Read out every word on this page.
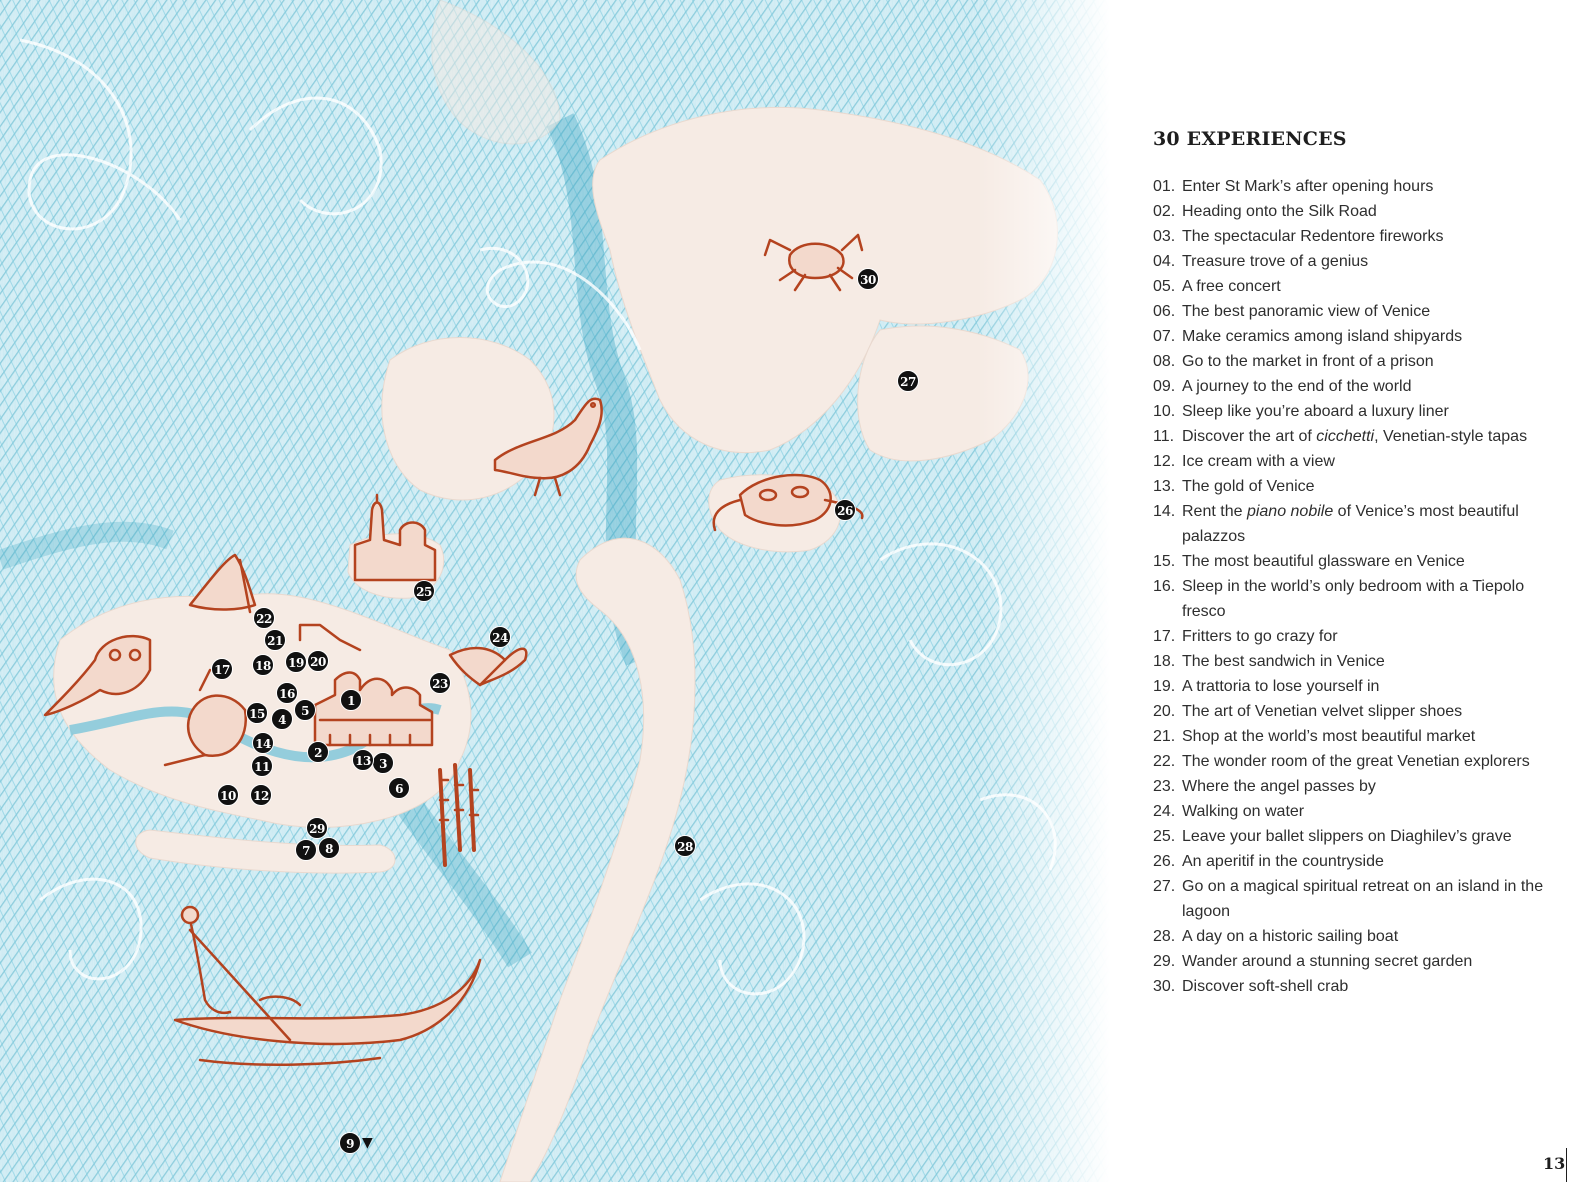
1
2
3
4
5
6
7	8
9 ▼
10
11
12
13
14
15
16
17 18 19 20
21
22
23
24
25
26
27
28
29
30
30 EXPERIENCES
01. Enter St Mark’s after opening hours
02. Heading onto the Silk Road
03. The spectacular Redentore fireworks
04. Treasure trove of a genius
05. A free concert
06. The best panoramic view of Venice
07. Make ceramics among island shipyards
08. Go to the market in front of a prison
09. A journey to the end of the world
10. Sleep like you’re aboard a luxury liner
11. Discover the art of cicchetti, Venetian-style tapas
12. Ice cream with a view
13. The gold of Venice
14. Rent the piano nobile of Venice’s most beautiful palazzos
15. The most beautiful glassware en Venice
16. Sleep in the world’s only bedroom with a Tiepolo fresco
17. Fritters to go crazy for
18. The best sandwich in Venice
19. A trattoria to lose yourself in
20. The art of Venetian velvet slipper shoes
21. Shop at the world’s most beautiful market
22. The wonder room of the great Venetian explorers
23. Where the angel passes by
24. Walking on water
25. Leave your ballet slippers on Diaghilev’s grave
26. An aperitif in the countryside
27. Go on a magical spiritual retreat on an island in the lagoon
28. A day on a historic sailing boat
29. Wander around a stunning secret garden
30. Discover soft-shell crab
13
